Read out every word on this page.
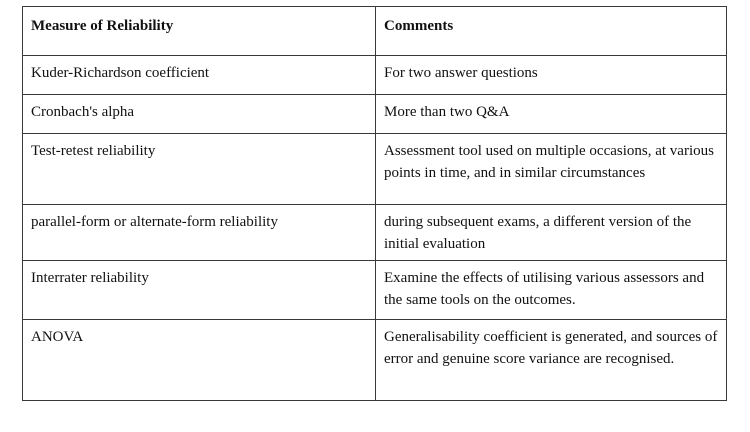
Measure of Reliability	Comments
Kuder-Richardson coefficient	For two answer questions
Cronbach's alpha	More than two Q&A
Test-retest reliability	Assessment tool used on multiple occasions, at various points in time, and in similar circumstances
parallel-form or alternate-form reliability	during subsequent exams, a different version of the initial evaluation
Interrater reliability	Examine the effects of utilising various assessors and the same tools on the outcomes.
ANOVA	Generalisability coefficient is generated, and sources of error and genuine score variance are recognised.
